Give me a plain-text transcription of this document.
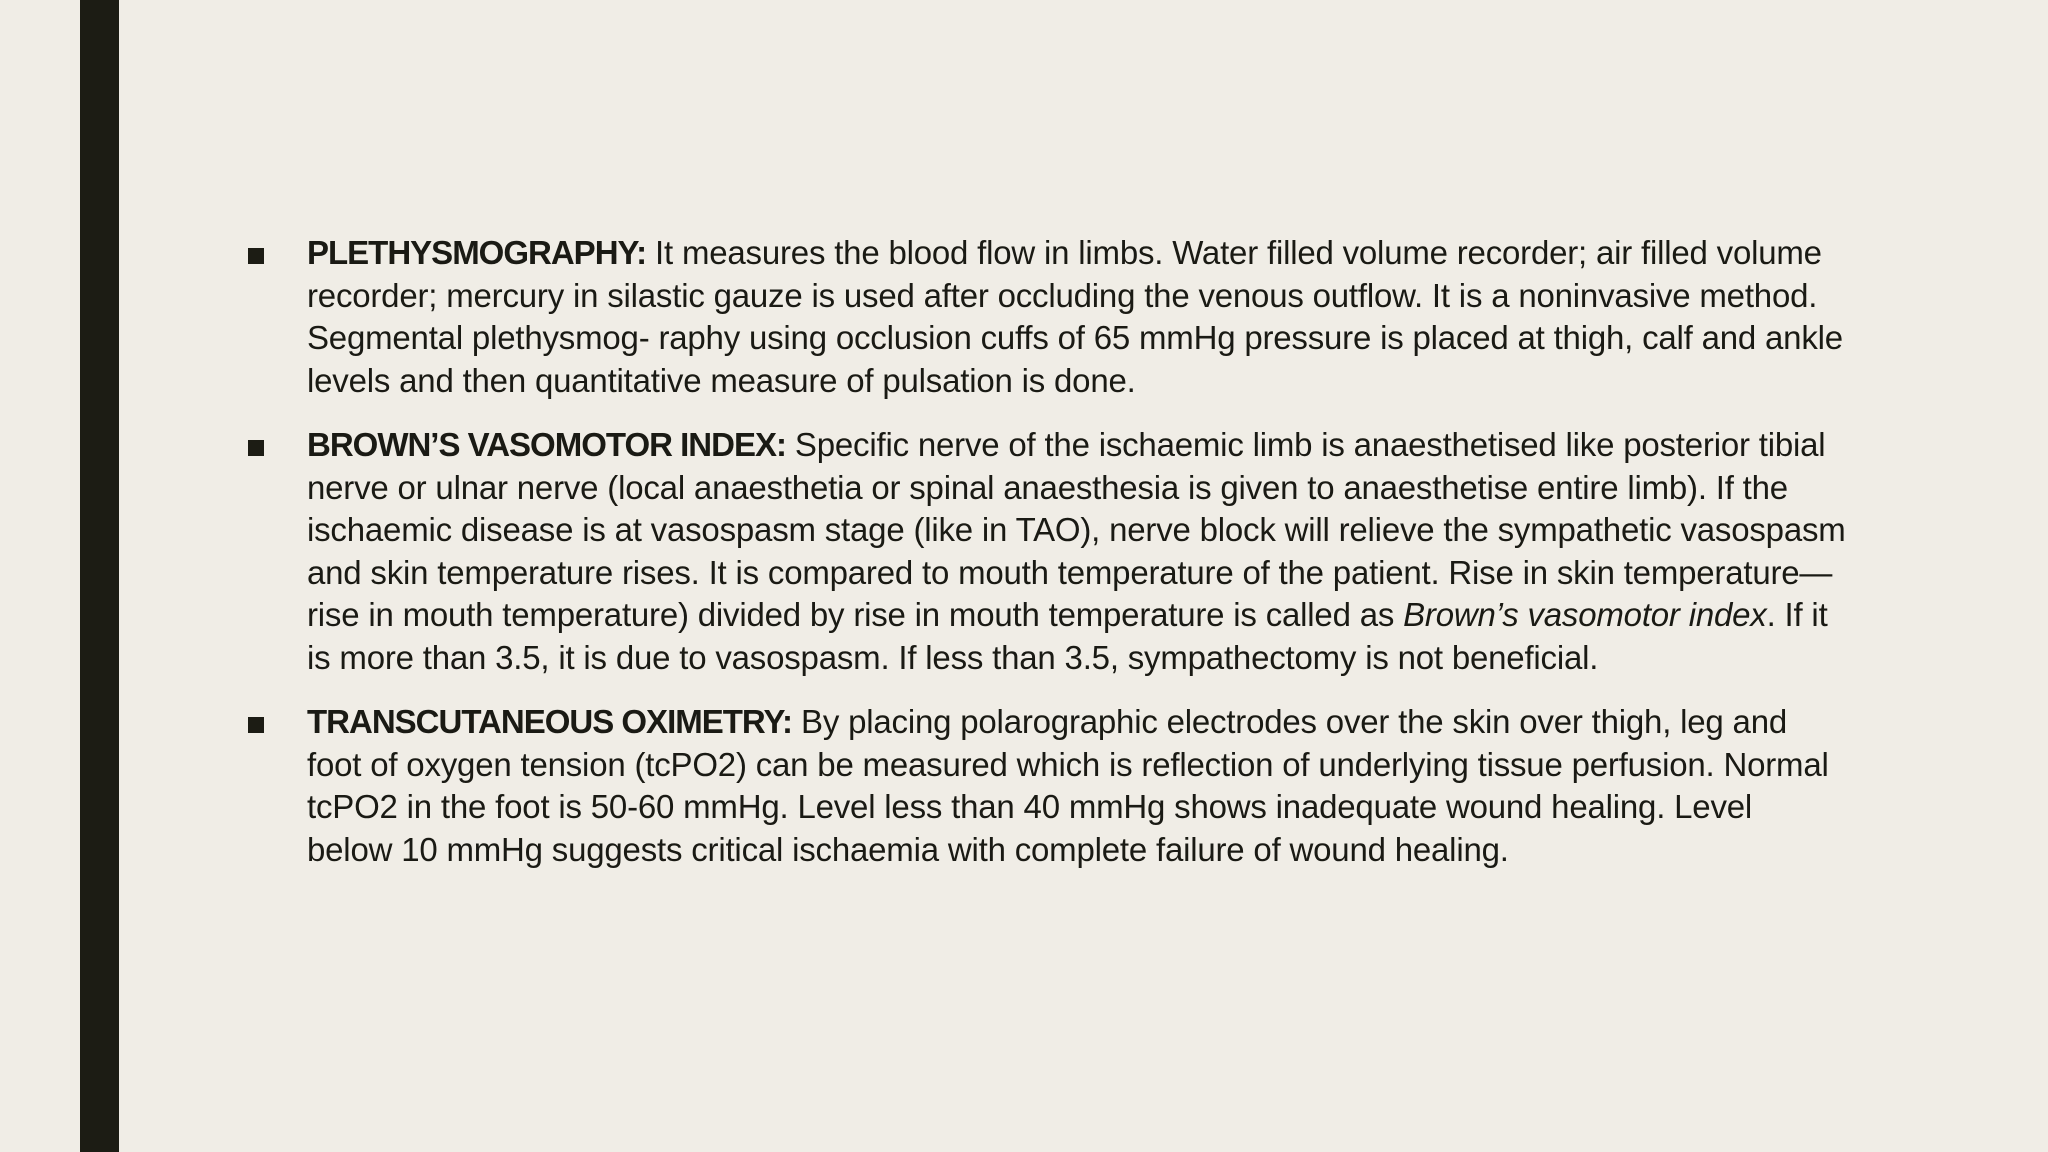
PLETHYSMOGRAPHY: It measures the blood flow in limbs. Water filled volume recorder; air filled volume recorder; mercury in silastic gauze is used after occluding the venous outflow. It is a noninvasive method. Segmental plethysmog- raphy using occlusion cuffs of 65 mmHg pressure is placed at thigh, calf and ankle levels and then quantitative measure of pulsation is done.
BROWN’S VASOMOTOR INDEX: Specific nerve of the ischaemic limb is anaesthetised like posterior tibial nerve or ulnar nerve (local anaesthetia or spinal anaesthesia is given to anaesthetise entire limb). If the ischaemic disease is at vasospasm stage (like in TAO), nerve block will relieve the sympathetic vasospasm and skin temperature rises. It is compared to mouth temperature of the patient. Rise in skin temperature—rise in mouth temperature) divided by rise in mouth temperature is called as Brown’s vasomotor index. If it is more than 3.5, it is due to vasospasm. If less than 3.5, sympathectomy is not beneficial.
TRANSCUTANEOUS OXIMETRY: By placing polarographic electrodes over the skin over thigh, leg and foot of oxygen tension (tcPO2) can be measured which is reflection of underlying tissue perfusion. Normal tcPO2 in the foot is 50-60 mmHg. Level less than 40 mmHg shows inadequate wound healing. Level below 10 mmHg suggests critical ischaemia with complete failure of wound healing.
